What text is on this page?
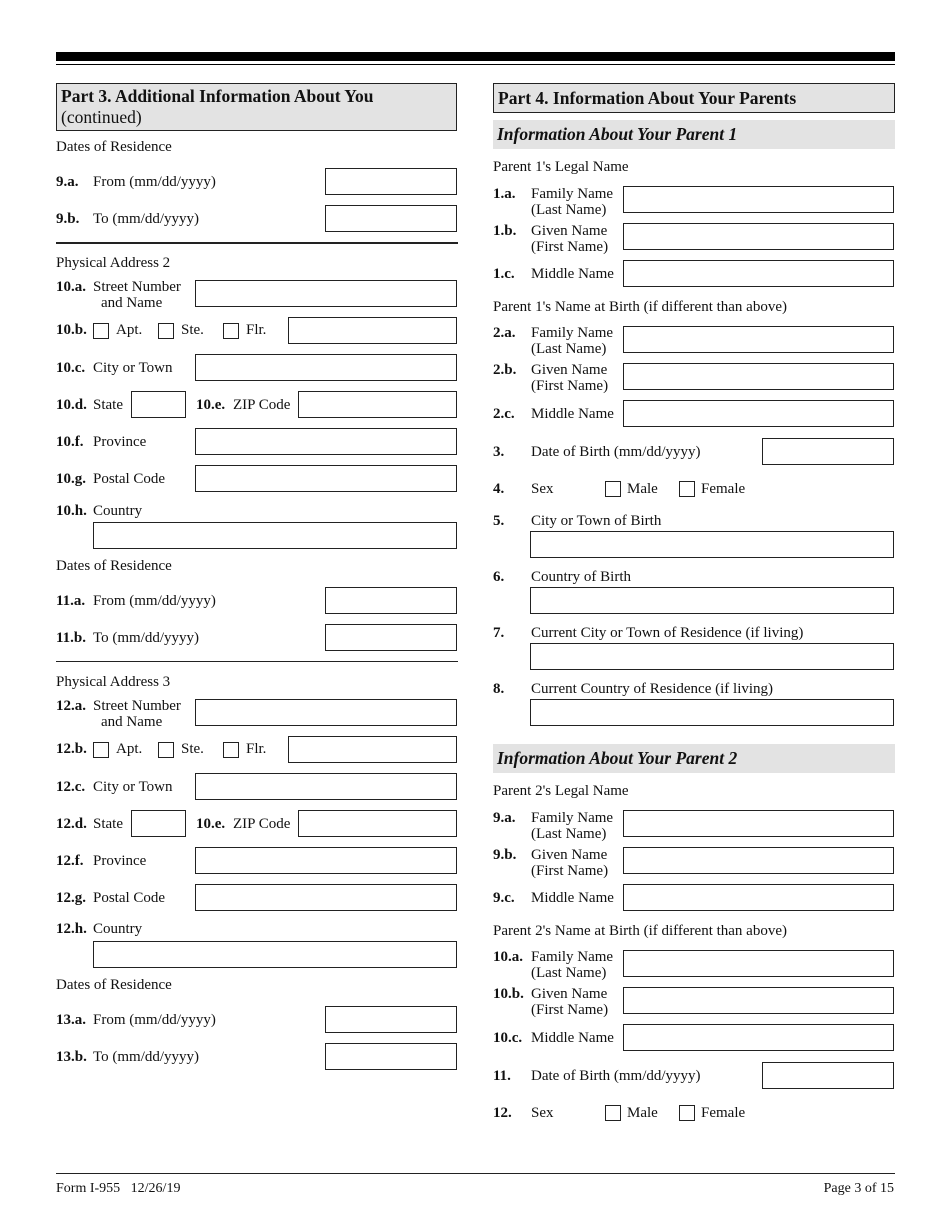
Part 3. Additional Information About You
(continued)
Dates of Residence
9.a. From (mm/dd/yyyy)
9.b. To (mm/dd/yyyy)
Physical Address 2
10.a. Street Number
and Name
10.b. Apt.	Ste.	Flr.
10.c. City or Town
10.d. State	10.e. ZIP Code
10.f. Province
10.g. Postal Code
10.h. Country
Dates of Residence
11.a. From (mm/dd/yyyy)
11.b. To (mm/dd/yyyy)
Physical Address 3
12.a. Street Number
and Name
12.b. Apt.	Ste.	Flr.
12.c. City or Town
12.d. State	10.e. ZIP Code
12.f. Province
12.g. Postal Code
12.h. Country
Dates of Residence
13.a. From (mm/dd/yyyy)
13.b. To (mm/dd/yyyy)
Part 4. Information About Your Parents
Information About Your Parent 1
Parent 1's Legal Name
1.a. Family Name
(Last Name)
1.b. Given Name
(First Name)
1.c. Middle Name
Parent 1's Name at Birth (if different than above)
2.a. Family Name
(Last Name)
2.b. Given Name
(First Name)
2.c. Middle Name
3. Date of Birth (mm/dd/yyyy)
4. Sex	Male	Female
5. City or Town of Birth
6. Country of Birth
7. Current City or Town of Residence (if living)
8. Current Country of Residence (if living)
Information About Your Parent 2
Parent 2's Legal Name
9.a. Family Name
(Last Name)
9.b. Given Name
(First Name)
9.c. Middle Name
Parent 2's Name at Birth (if different than above)
10.a. Family Name
(Last Name)
10.b. Given Name
(First Name)
10.c. Middle Name
11. Date of Birth (mm/dd/yyyy)
12. Sex	Male	Female
Form I-955   12/26/19	Page 3 of 15
